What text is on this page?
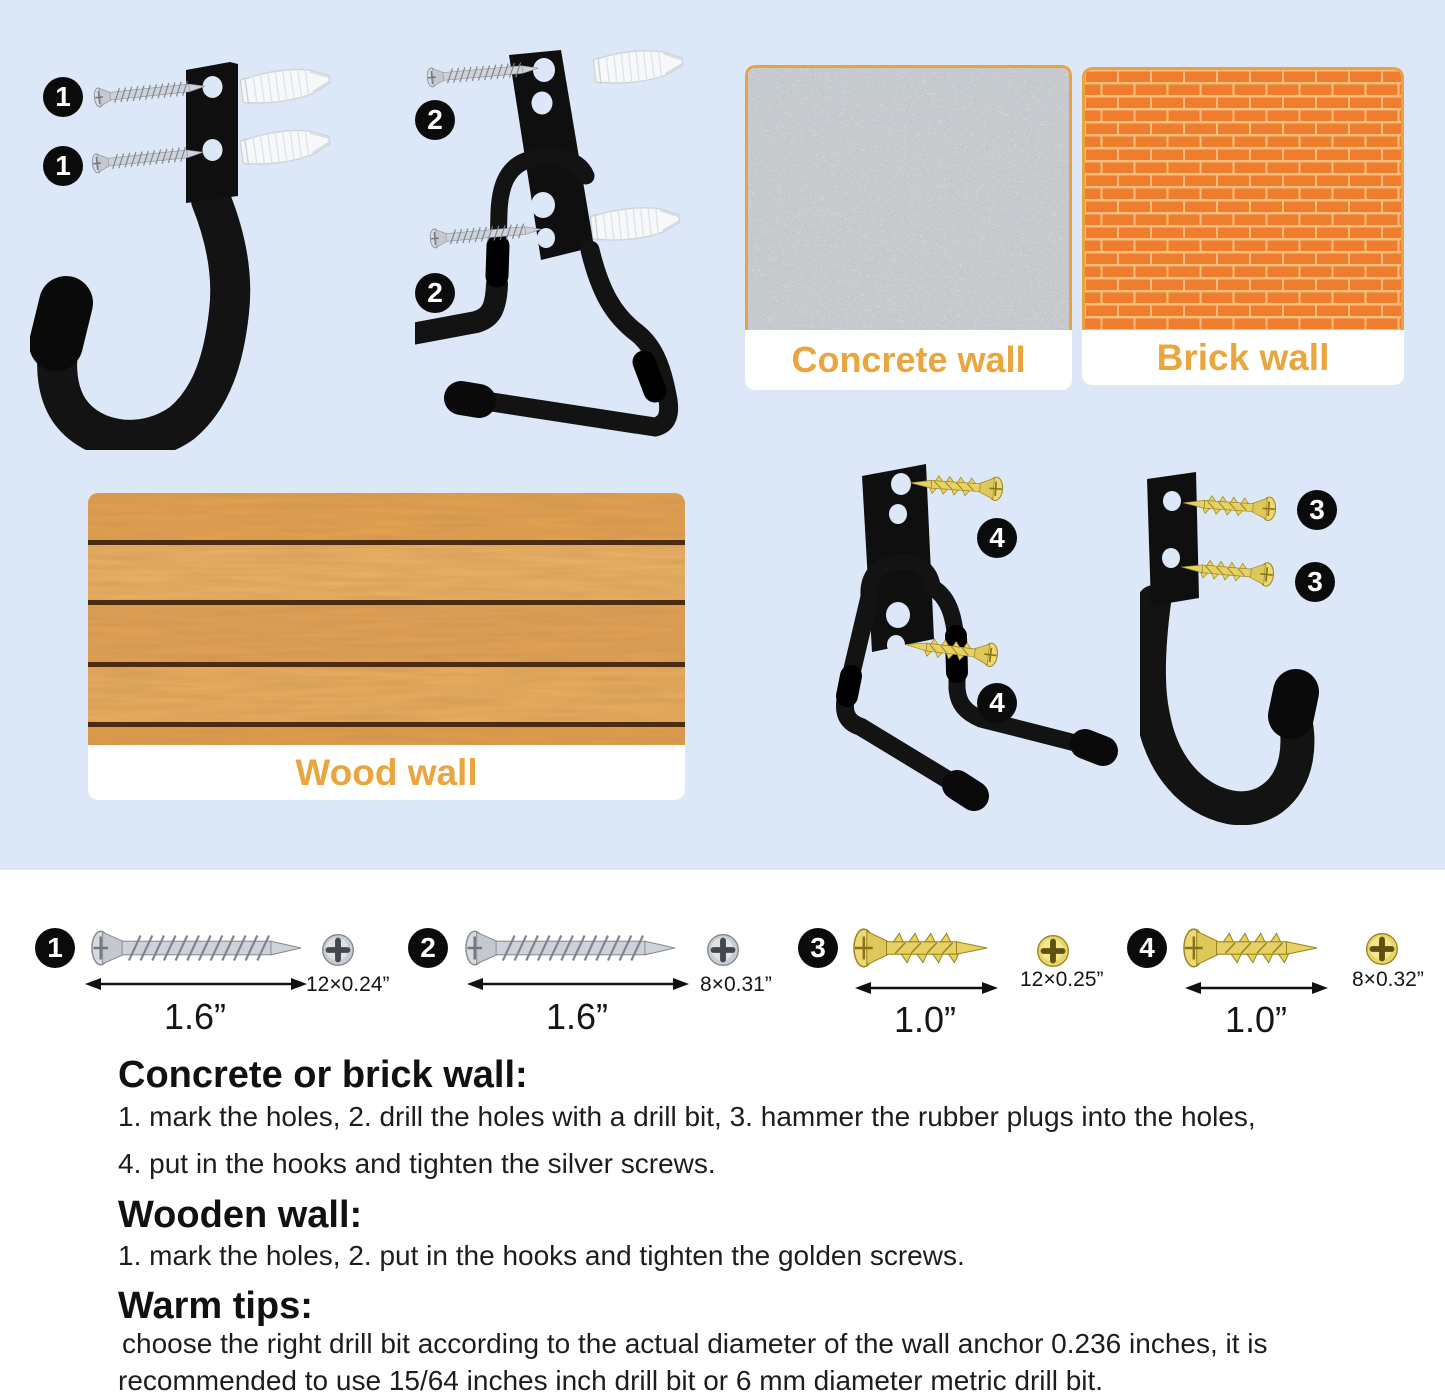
1
1
2
2
Concrete wall	Brick wall
Wood wall
4
4
3
3
1
1.6”
12×0.24”
2
1.6”
8×0.31”
3
1.0”
12×0.25”
4
1.0”
8×0.32”
Concrete or brick wall:
1. mark the holes, 2. drill the holes with a drill bit, 3. hammer the rubber plugs into the holes,
4. put in the hooks and tighten the silver screws.
Wooden wall:
1. mark the holes, 2. put in the hooks and tighten the golden screws.
Warm tips:
choose the right drill bit according to the actual diameter of the wall anchor 0.236 inches, it is
recommended to use 15/64 inches inch drill bit or 6 mm diameter metric drill bit.
